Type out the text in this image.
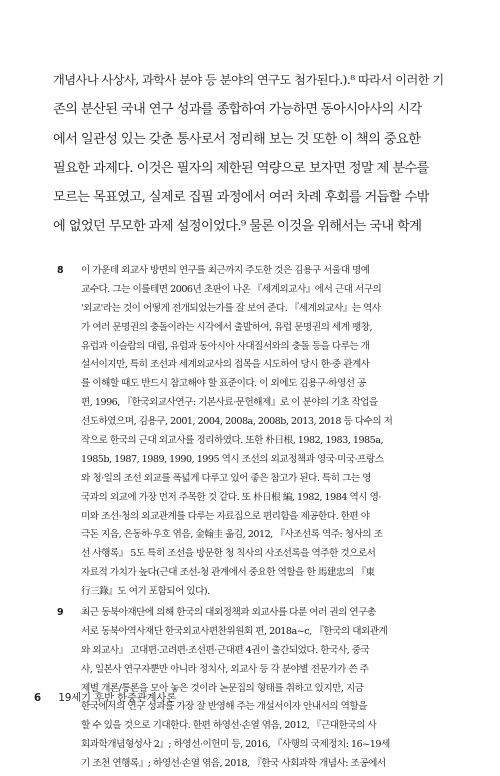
개념사나 사상사, 과학사 분야 등 분야의 연구도 첨가된다.).⁸ 따라서 이러한 기
존의 분산된 국내 연구 성과를 종합하여 가능하면 동아시아사의 시각
에서 일관성 있는 갖춘 통사로서 정리해 보는 것 또한 이 책의 중요한
필요한 과제다. 이것은 필자의 제한된 역량으로 보자면 정말 제 분수를
모르는 목표였고, 실제로 집필 과정에서 여러 차례 후회를 거듭할 수밖
에 없었던 무모한 과제 설정이었다.⁹ 물론 이것을 위해서는 국내 학계
8 이 가운데 외교사 방면의 연구를 최근까지 주도한 것은 김용구 서울대 명예
교수다. 그는 이를테면 2006년 초판이 나온 『세계외교사』에서 근대 서구의
'외교'라는 것이 어떻게 전개되었는가를 잘 보여 준다. 『세계외교사』는 역사
가 여러 문명권의 충돌이라는 시각에서 출발하여, 유럽 문명권의 세계 팽창,
유럽과 이슬람의 대립, 유럽과 동아시아 사대질서와의 충돌 등을 다루는 개
설서이지만, 특히 조선과 세계외교사의 접목을 시도하여 당시 한·중 관계사
를 이해할 때도 반드시 참고해야 할 표준이다. 이 외에도 김용구·하영선 공
편, 1996, 『한국외교사연구: 기본사료·문헌해제』로 이 분야의 기초 작업을
선도하였으며, 김용구, 2001, 2004, 2008a, 2008b, 2013, 2018 등 다수의 저
작으로 한국의 근대 외교사를 정리하였다. 또한 朴日根, 1982, 1983, 1985a,
1985b, 1987, 1989, 1990, 1995 역시 조선의 외교정책과 영국·미국·프랑스
와 청·일의 조선 외교를 폭넓게 다루고 있어 좋은 참고가 된다. 특히 그는 영
국과의 외교에 가장 먼저 주목한 것 같다. 또 朴日根 編, 1982, 1984 역시 영·
미와 조선·청의 외교관계를 다루는 자료집으로 편리함을 제공한다. 한편 야
극돈 지음, 은동하·우호 엮음, 金翰圭 옮김, 2012, 『사조선록 역주: 청사의 조
선 사행록』 5도 특히 조선을 방문한 청 칙사의 사조선록을 역주한 것으로서
자료적 가치가 높다(근대 조선-청 관계에서 중요한 역할을 한 馬建忠의 『東
行三錄』도 여기 포함되어 있다).
9 최근 동북아재단에 의해 한국의 대외정책과 외교사를 다룬 여러 권의 연구총
서로 동북아역사재단 한국외교사편찬위원회 편, 2018a~c, 『한국의 대외관계
와 외교사』 고대편·고려편·조선편·근대편 4권이 출간되었다. 한국사, 중국
사, 일본사 연구자뿐만 아니라 정치사, 외교사 등 각 분야별 전문가가 쓴 주
제별 개론/통론을 모아 놓은 것이라 논문집의 형태를 취하고 있지만, 지금
한국에서의 연구 성과를 가장 잘 반영해 주는 개설서이자 안내서의 역할을
할 수 있을 것으로 기대한다. 한편 하영선·손열 엮음, 2012, 『근대한국의 사
회과학개념형성사 2』; 하영선·이헌미 등, 2016, 『사행의 국제정치: 16~19세
기 조천 연행록』; 하영선·손열 엮음, 2018, 『한국 사회과학 개념사: 조공에서
6 19세기 후반 한중관계사론
